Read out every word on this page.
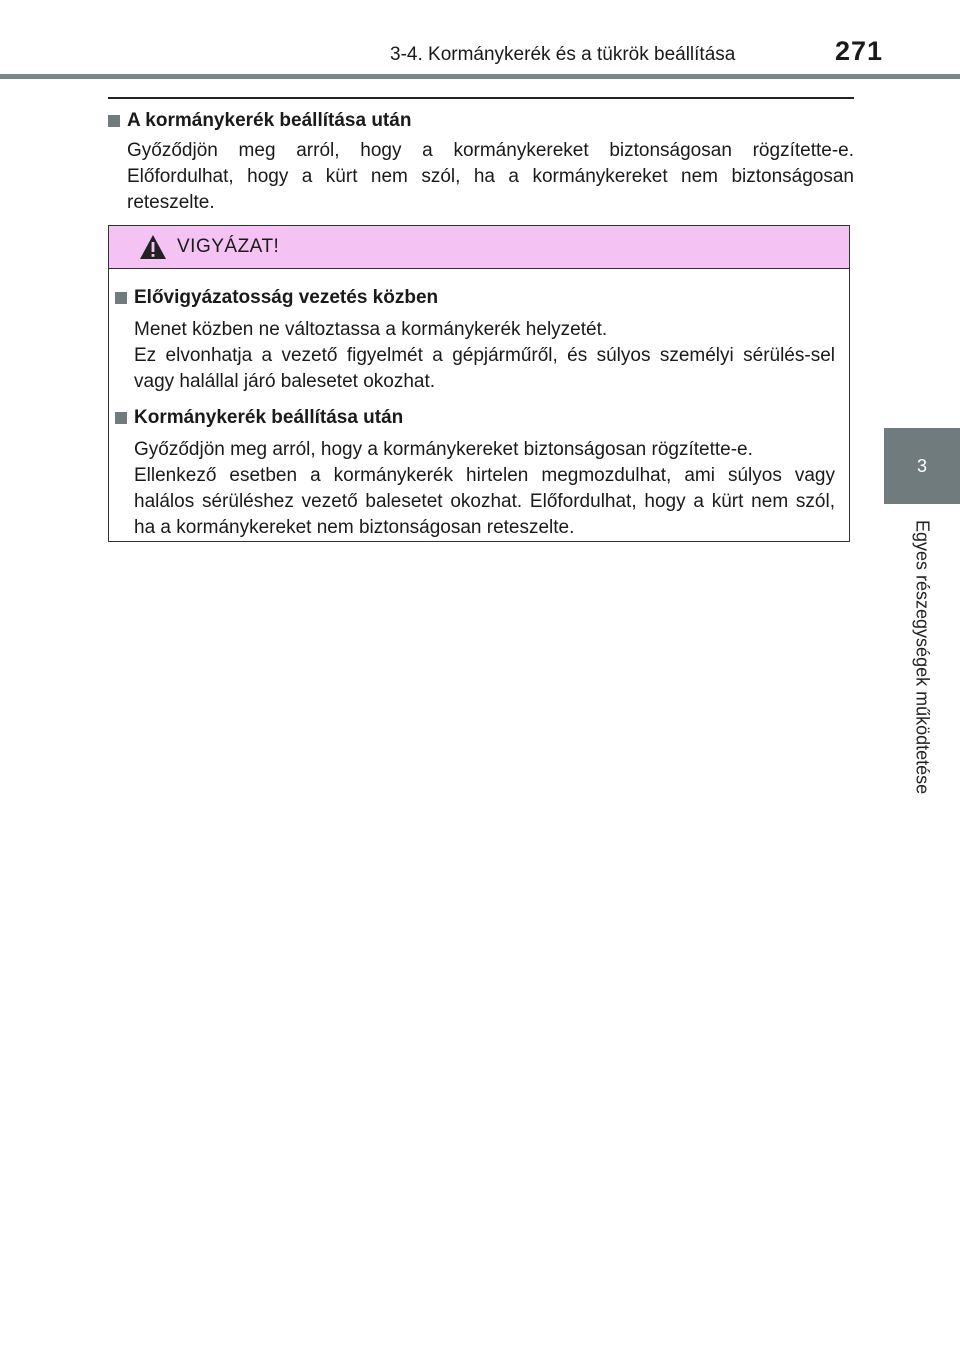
3-4. Kormánykerék és a tükrök beállítása	271
3
Egyes részegységek működtetése
A kormánykerék beállítása után
Győződjön meg arról, hogy a kormánykereket biztonságosan rögzítette-e. Előfordulhat, hogy a kürt nem szól, ha a kormánykereket nem biztonságosan reteszelte.
VIGYÁZAT!
Elővigyázatosság vezetés közben
Menet közben ne változtassa a kormánykerék helyzetét.
Ez elvonhatja a vezető figyelmét a gépjárműről, és súlyos személyi sérülés-sel vagy halállal járó balesetet okozhat.
Kormánykerék beállítása után
Győződjön meg arról, hogy a kormánykereket biztonságosan rögzítette-e.
Ellenkező esetben a kormánykerék hirtelen megmozdulhat, ami súlyos vagy halálos sérüléshez vezető balesetet okozhat. Előfordulhat, hogy a kürt nem szól, ha a kormánykereket nem biztonságosan reteszelte.
